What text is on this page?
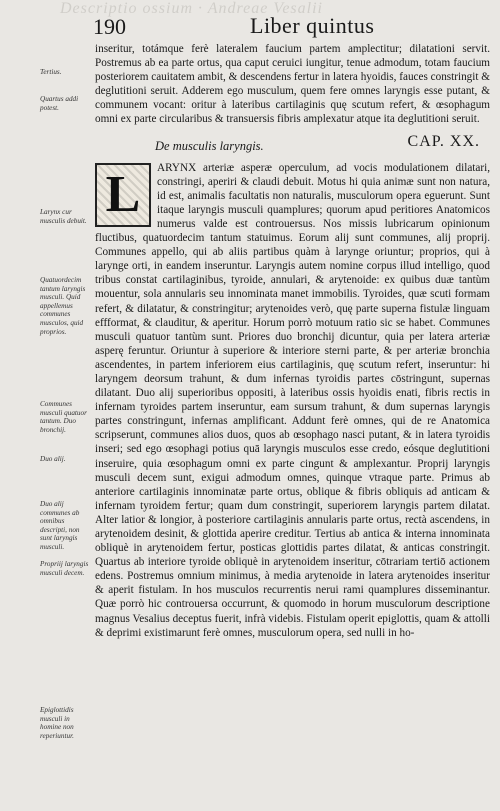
Descriptio ossium · Andreae Vesalii
190	Liber quintus
Tertius.
Quartus addi potest.
Larynx cur musculis debuit.
Quatuordecim tantum laryngis musculi. Quid appellemus communes musculos, quid proprios.
Communes musculi quatuor tantum. Duo bronchij.
Duo alij.
Duo alij communes ab omnibus descripti, non sunt laryngis musculi.
Propriij laryngis musculi decem.
Epiglottidis musculi in homine non reperiuntur.

inseritur, totámque ferè lateralem faucium partem amplectitur; dilatationi servit. Postremus ab ea parte ortus, qua caput ceruici iungitur, tenue admodum, totam faucium posteriorem cauitatem ambit, & descendens fertur in latera hyoidis, fauces constringit & deglutitioni seruit. Adderem ego musculum, quem fere omnes laryngis esse putant, & communem vocant: oritur à lateribus cartilaginis quę scutum refert, & œsophagum omni ex parte circularibus & transuersis fibris amplexatur atque ita deglutitioni seruit.

De musculis laryngis.	CAP. XX.

L	ARYNX arteriæ asperæ operculum, ad vocis modulationem dilatari, constringi, aperiri & claudi debuit. Motus hi quia animæ sunt non natura, id est, animalis facultatis non naturalis, musculorum opera eguerunt. Sunt itaque laryngis musculi quamplures; quorum apud peritiores Anatomicos numerus valde est controuersus. Nos missis lubricarum opinionum fluctibus, quatuordecim tantum statuimus. Eorum alij sunt communes, alij proprij. Communes appello, qui ab aliis partibus quàm à larynge oriuntur; proprios, qui à larynge orti, in eandem inseruntur. Laryngis autem nomine corpus illud intelligo, quod tribus constat cartilaginibus, tyroide, annulari, & arytenoide: ex quibus duæ tantùm mouentur, sola annularis seu innominata manet immobilis. Tyroides, quæ scuti formam refert, & dilatatur, & constringitur; arytenoides verò, quę parte superna fistulæ linguam effformat, & clauditur, & aperitur. Horum porrò motuum ratio sic se habet. Communes musculi quatuor tantùm sunt. Priores duo bronchij dicuntur, quia per latera arteriæ asperę feruntur. Oriuntur à superiore & interiore sterni parte, & per arteriæ bronchia ascendentes, in partem inferiorem eius cartilaginis, quę scutum refert, inseruntur: hi laryngem deorsum trahunt, & dum infernas tyroidis partes cōstringunt, supernas dilatant. Duo alij superioribus oppositi, à lateribus ossis hyoidis enati, fibris rectis in infernam tyroides partem inseruntur, eam sursum trahunt, & dum supernas laryngis partes constringunt, infernas amplificant. Addunt ferè omnes, qui de re Anatomica scripserunt, communes alios duos, quos ab œsophago nasci putant, & in latera tyroidis inseri; sed ego œsophagi potius quā laryngis musculos esse credo, eósque deglutitioni inseruire, quia œsophagum omni ex parte cingunt & amplexantur. Proprij laryngis musculi decem sunt, exigui admodum omnes, quinque vtraque parte. Primus ab anteriore cartilaginis innominatæ parte ortus, oblique & fibris obliquis ad anticam & infernam tyroidem fertur; quam dum constringit, superiorem laryngis partem dilatat. Alter latior & longior, à posteriore cartilaginis annularis parte ortus, rectà ascendens, in arytenoidem desinit, & glottida aperire creditur. Tertius ab antica & interna innominata obliquè in arytenoidem fertur, posticas glottidis partes dilatat, & anticas constringit. Quartus ab interiore tyroide obliquè in arytenoidem inseritur, cōtrariam tertiō actionem edens. Postremus omnium minimus, à media arytenoide in latera arytenoides inseritur & aperit fistulam. In hos musculos recurrentis nerui rami quamplures disseminantur. Quæ porrò hic controuersa occurrunt, & quomodo in horum musculorum descriptione magnus Vesalius deceptus fuerit, infrà videbis. Fistulam operit epiglottis, quam & attolli & deprimi existimarunt ferè omnes, musculorum opera, sed nulli in ho-
